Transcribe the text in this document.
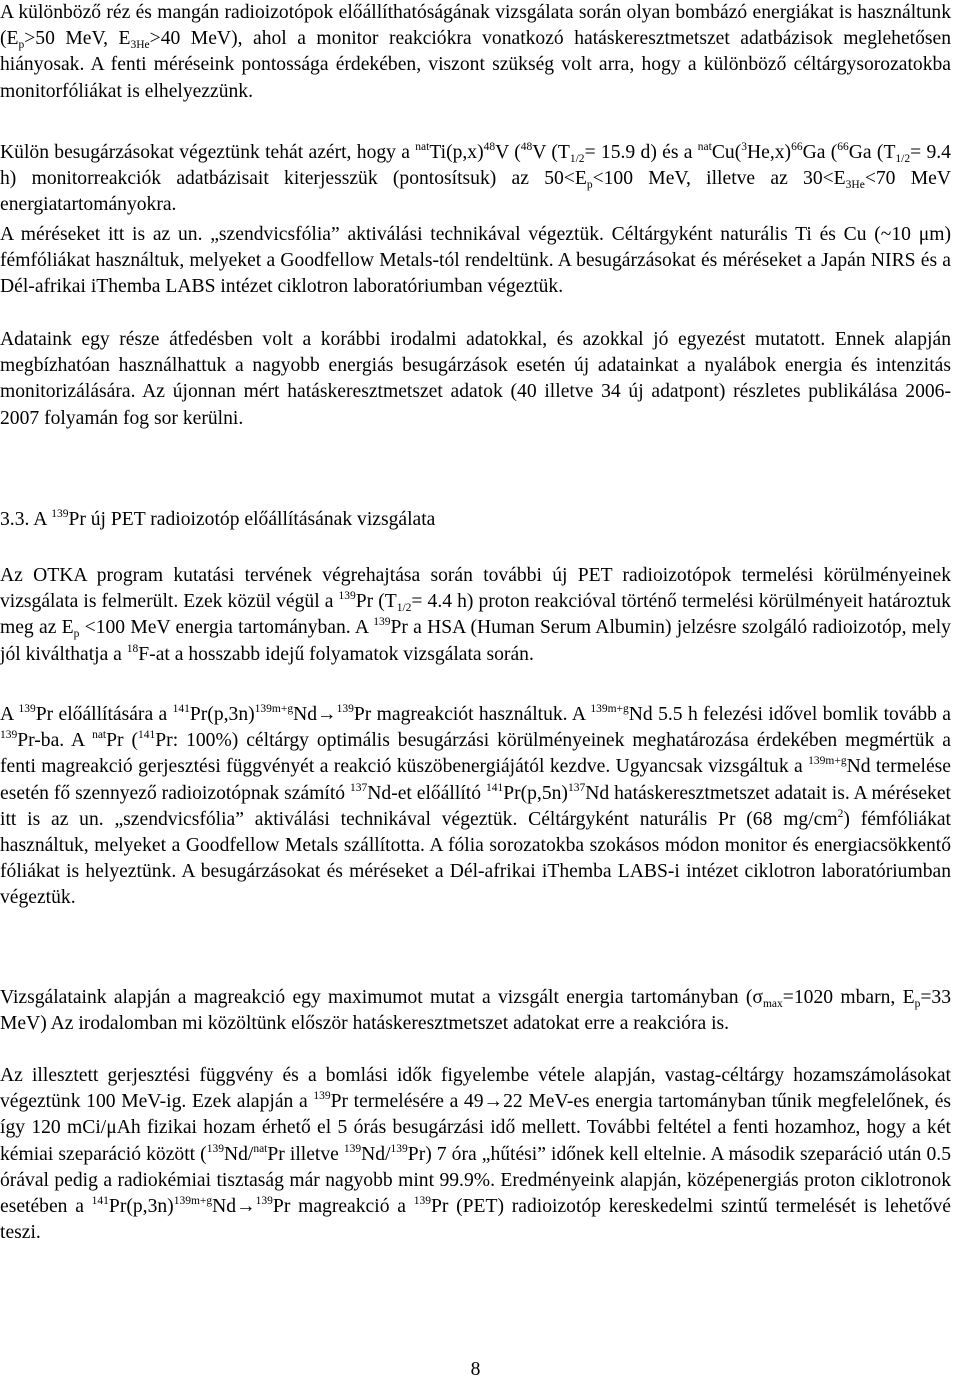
A különböző réz és mangán radioizotópok előállíthatóságának vizsgálata során olyan bombázó energiákat is használtunk ($E_p>50$ MeV, $E_{3He}>40$ MeV), ahol a monitor reakciókra vonatkozó hatáskeresztmetszet adatbázisok meglehetősen hiányosak. A fenti méréseink pontossága érdekében, viszont szükség volt arra, hogy a különböző céltárgysorozatokba monitorfóliákat is elhelyezzünk.

Külön besugárzásokat végeztünk tehát azért, hogy a $^{nat}Ti(p,x)^{48}V$ ($^{48}$V ($T_{1/2}= 15.9$ d) és a $^{nat}Cu(^3He,x)^{66}Ga$ ($^{66}$Ga ($T_{1/2}= 9.4$ h) monitorreakciók adatbázisait kiterjesszük (pontosítsuk) az $50<E_p<100$ MeV, illetve az $30<E_{3He}<70$ MeV energiatartományokra.

A méréseket itt is az un. „szendvicsfólia” aktiválási technikával végeztük. Céltárgyként naturális Ti és Cu (~10 μm) fémfóliákat használtuk, melyeket a Goodfellow Metals-tól rendeltünk. A besugárzásokat és méréseket a Japán NIRS és a Dél-afrikai iThemba LABS intézet ciklotron laboratóriumban végeztük.

Adataink egy része átfedésben volt a korábbi irodalmi adatokkal, és azokkal jó egyezést mutatott. Ennek alapján megbízhatóan használhattuk a nagyobb energiás besugárzások esetén új adatainkat a nyalábok energia és intenzitás monitorizálására. Az újonnan mért hatáskeresztmetszet adatok (40 illetve 34 új adatpont) részletes publikálása 2006-2007 folyamán fog sor kerülni.

3.3. A $^{139}$Pr új PET radioizotóp előállításának vizsgálata

Az OTKA program kutatási tervének végrehajtása során további új PET radioizotópok termelési körülményeinek vizsgálata is felmerült. Ezek közül végül a $^{139}$Pr ($T_{1/2}= 4.4$ h) proton reakcióval történő termelési körülményeit határoztuk meg az $E_p <100$ MeV energia tartományban. A $^{139}$Pr a HSA (Human Serum Albumin) jelzésre szolgáló radioizotóp, mely jól kiválthatja a $^{18}$F-at a hosszabb idejű folyamatok vizsgálata során.

A $^{139}$Pr előállítására a $^{141}Pr(p,3n)^{139m+g}Nd\to^{139}Pr$ magreakciót használtuk. A $^{139m+g}$Nd 5.5 h felezési idővel bomlik tovább a $^{139}$Pr-ba. A $^{nat}$Pr ($^{141}$Pr: 100%) céltárgy optimális besugárzási körülményeinek meghatározása érdekében megmértük a fenti magreakció gerjesztési függvényét a reakció küszöbenergiájától kezdve. Ugyancsak vizsgáltuk a $^{139m+g}$Nd termelése esetén fő szennyező radioizotópnak számító $^{137}$Nd-et előállító $^{141}Pr(p,5n)^{137}Nd$ hatáskeresztmetszet adatait is. A méréseket itt is az un. „szendvicsfólia” aktiválási technikával végeztük. Céltárgyként naturális Pr (68 $mg/cm^2$) fémfóliákat használtuk, melyeket a Goodfellow Metals szállította. A fólia sorozatokba szokásos módon monitor és energiacsökkentő fóliákat is helyeztünk. A besugárzásokat és méréseket a Dél-afrikai iThemba LABS-i intézet ciklotron laboratóriumban végeztük.

Vizsgálataink alapján a magreakció egy maximumot mutat a vizsgált energia tartományban ($\sigma_{max}=1020$ mbarn, $E_p=33$ MeV) Az irodalomban mi közöltünk először hatáskeresztmetszet adatokat erre a reakcióra is.

Az illesztett gerjesztési függvény és a bomlási idők figyelembe vétele alapján, vastag-céltárgy hozamszámolásokat végeztünk 100 MeV-ig. Ezek alapján a $^{139}$Pr termelésére a 49→22 MeV-es energia tartományban tűnik megfelelőnek, és így 120 mCi/μAh fizikai hozam érhető el 5 órás besugárzási idő mellett. További feltétel a fenti hozamhoz, hogy a két kémiai szeparáció között ($^{139}$Nd/$^{nat}$Pr illetve $^{139}$Nd/$^{139}$Pr) 7 óra „hűtési” időnek kell eltelnie. A második szeparáció után 0.5 órával pedig a radiokémiai tisztaság már nagyobb mint 99.9%. Eredményeink alapján, középenergiás proton ciklotronok esetében a $^{141}Pr(p,3n)^{139m+g}Nd\to^{139}Pr$ magreakció a $^{139}$Pr (PET) radioizotóp kereskedelmi szintű termelését is lehetővé teszi.

8
